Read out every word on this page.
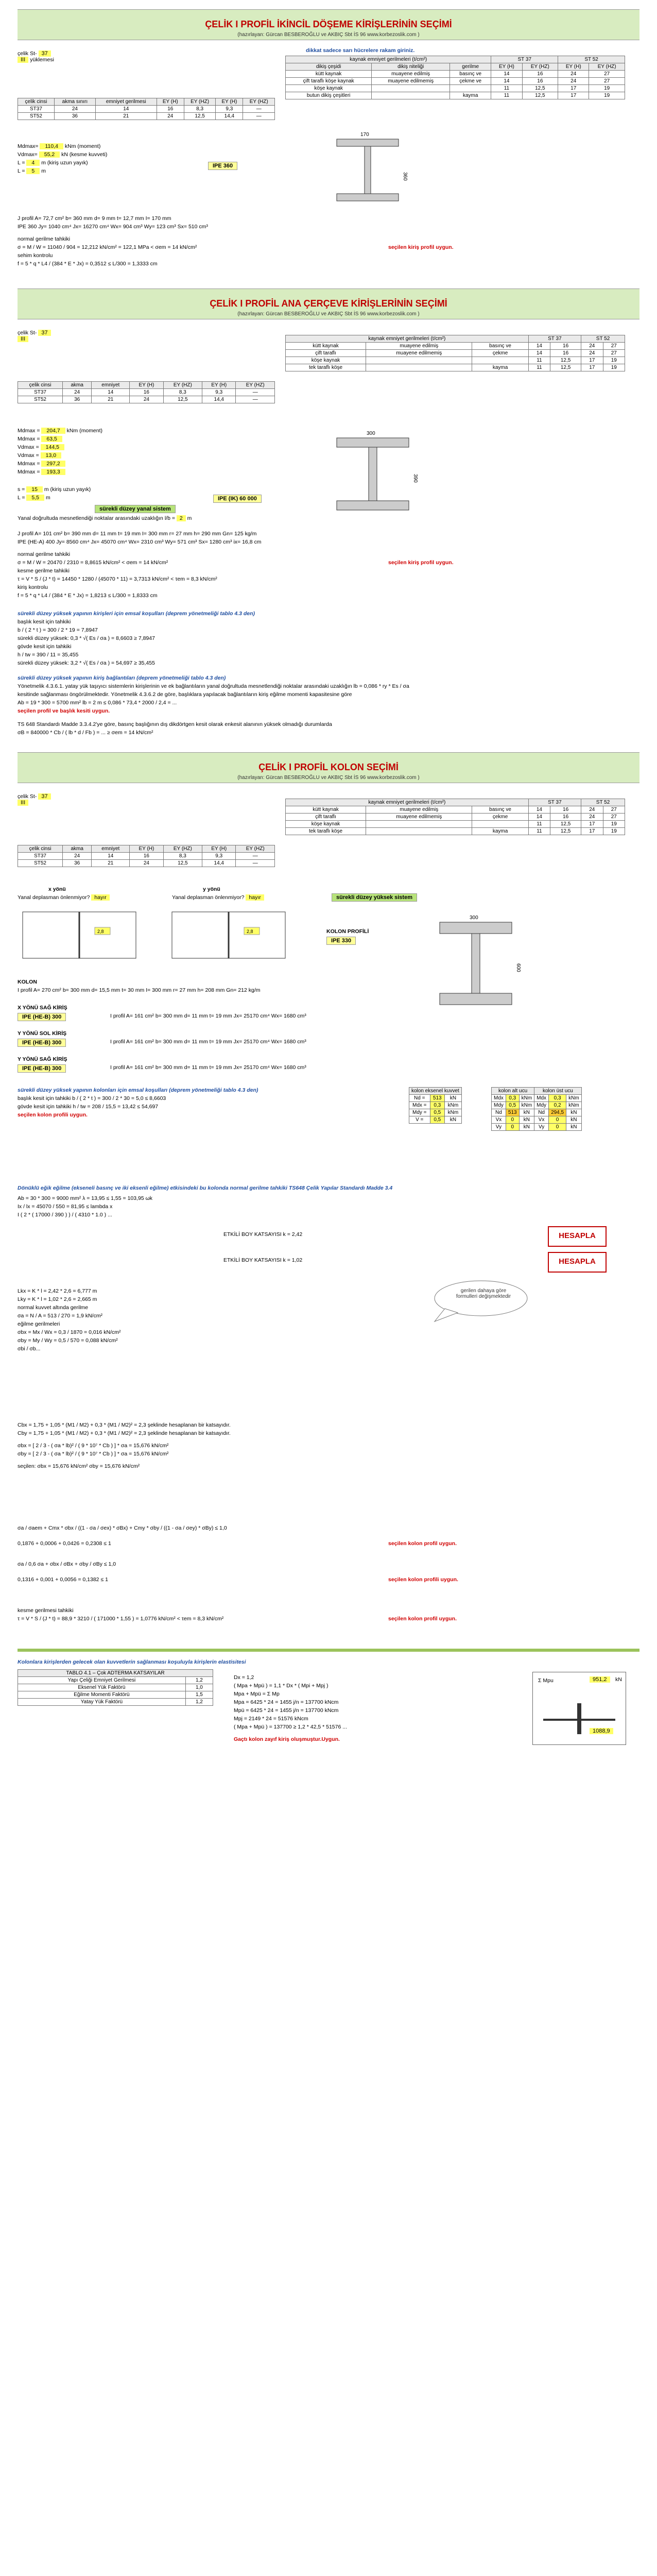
ÇELİK I PROFİL İKİNCİL DÖŞEME KİRİŞLERİNİN SEÇİMİ
(hazırlayan: Gürcan BESBEROĞLU ve AKBIÇ Sbt İS 96 www.korbezoslik.com )
çelik St- 37
III yüklemesi
dikkat sadece sarı hücrelere rakam giriniz.
kaynak emniyet gerilmeleri (t/cm²)			ST 37		ST 52	
dikiş çeşidi	dikiş niteliği	gerilme	EY (H)	EY (HZ)	EY (H)	EY (HZ)
kütt kaynak	muayene edilmiş	basınç ve	14	16	24	27
çift taraflı köşe kaynak	muayene edilmemiş	çekme ve	14	16	24	27
köşe kaynak			11	12,5	17	19
butun dikiş çeşitleri		kayma	11	12,5	17	19
çelik cinsi	akma sınırı	emniyet gerilmesi	EY (H)	EY (HZ)	EY (H)	EY (HZ)
ST37	24	14	16	8,3	9,3	—
ST52	36	21	24	12,5	14,4	—
Mdmax= 110,4 kNm (moment)
Vdmax= 55,2 kN (kesme kuvveti)
L = 4 m (kiriş uzun yayık)
L = 5 m
IPE 360
360
170
J profil A= 72,7 cm² b= 360 mm d= 9 mm t= 12,7 mm I= 170 mm
IPE 360 Jy= 1040 cm⁴ Jx= 16270 cm⁴ Wx= 904 cm³ Wy= 123 cm³ Sx= 510 cm³
normal gerilme tahkiki
σ = M / W = 11040 / 904 = 12,212 kN/cm² = 122,1 MPa < σem = 14 kN/cm²	seçilen kiriş profil uygun.
sehim kontrolu
f = 5 * q * L4 / (384 * E * Jx) = 0,3512 ≤ L/300 = 1,3333 cm
ÇELİK I PROFİL ANA ÇERÇEVE KİRİŞLERİNİN SEÇİMİ
(hazırlayan: Gürcan BESBEROĞLU ve AKBIÇ Sbt İS 96 www.korbezoslik.com )
çelik St- 37
III	kaynak emniyet gerilmeleri (t/cm²)			ST 37		ST 52	
kütt kaynak	muayene edilmiş	basınç ve	14	16	24	27
çift taraflı	muayene edilmemiş	çekme	14	16	24	27
köşe kaynak			11	12,5	17	19
tek taraflı köşe		kayma	11	12,5	17	19
çelik cinsi	akma	emniyet	EY (H)	EY (HZ)	EY (H)	EY (HZ)
ST37	24	14	16	8,3	9,3	—
ST52	36	21	24	12,5	14,4	—
Mdmax = 204,7 kNm (moment)
Mdmax = 63,5
Vdmax = 144,5
Vdmax = 13,0
Mdmax = 297,2
Mdmax = 193,3
s = 15 m (kiriş uzun yayık)
L = 5,5 m
sürekli düzey yanal sistem
Yanal doğrultuda mesnetlendiği noktalar arasındaki uzaklığın l/b = 2 m
IPE (IK) 60 000
390
300
J profil A= 101 cm² b= 390 mm d= 11 mm t= 19 mm I= 300 mm r= 27 mm h= 290 mm Gn= 125 kg/m
IPE (HE-A) 400 Jy= 8560 cm⁴ Jx= 45070 cm⁴ Wx= 2310 cm³ Wy= 571 cm³ Sx= 1280 cm³ ix= 16,8 cm
normal gerilme tahkiki
σ = M / W = 20470 / 2310 = 8,8615 kN/cm² < σem = 14 kN/cm²	seçilen kiriş profil uygun.
kesme gerilme tahkiki
τ = V * S / (J * t) = 14450 * 1280 / (45070 * 11) = 3,7313 kN/cm² < τem = 8,3 kN/cm²
kiriş kontrolu
f = 5 * q * L4 / (384 * E * Jx) = 1,8213 ≤ L/300 = 1,8333 cm
sürekli düzey yüksek yapının kirişleri için emsal koşulları (deprem yönetmeliği tablo 4.3 den)
başlık kesit için tahkiki
b / ( 2 * t ) = 300 / 2 * 19 = 7,8947
sürekli düzey yüksek: 0,3 * √( Es / σa ) = 8,6603 ≥ 7,8947
gövde kesit için tahkiki
h / tw = 390 / 11 = 35,455
sürekli düzey yüksek: 3,2 * √( Es / σa ) = 54,697 ≥ 35,455
sürekli düzey yüksek yapının kiriş bağlantıları (deprem yönetmeliği tablo 4.3 den)
Yönetmelik 4.3.6.1. yatay yük taşıyıcı sistemlerin kirişlerinin ve ek bağlantıların yanal doğrultuda mesnetlendiği noktalar arasındaki uzaklığın lb = 0,086 * ry * Es / σa
kesitinde sağlanması öngörülmektedir. Yönetmelik 4.3.6.2 de göre, başlıklara yapılacak bağlantıların kiriş eğilme momenti kapasitesine göre
Ab = 19 * 300 = 5700 mm² lb = 2 m ≤ 0,086 * 73,4 * 2000 / 2,4 = ...
seçilen profil ve başlık kesiti uygun.
TS 648 Standardı Madde 3.3.4.2'ye göre, basınç başlığının dış dikdörtgen kesit olarak enkesit alanının yüksek olmadığı durumlarda
σB = 840000 * Cb / ( lb * d / Fb ) = ... ≥ σem = 14 kN/cm²
ÇELİK I PROFİL KOLON SEÇİMİ
(hazırlayan: Gürcan BESBEROĞLU ve AKBIÇ Sbt İS 96 www.korbezoslik.com )
çelik St- 37
III	kaynak emniyet gerilmeleri (t/cm²)			ST 37		ST 52	
kütt kaynak	muayene edilmiş	basınç ve	14	16	24	27
çift taraflı	muayene edilmemiş	çekme	14	16	24	27
köşe kaynak			11	12,5	17	19
tek taraflı köşe		kayma	11	12,5	17	19
çelik cinsi	akma	emniyet	EY (H)	EY (HZ)	EY (H)	EY (HZ)
ST37	24	14	16	8,3	9,3	—
ST52	36	21	24	12,5	14,4	—
x yönü	y yönü
Yanal deplasman önlenmiyor? hayır	Yanal deplasman önlenmiyor? hayır	sürekli düzey yüksek sistem
2,8	2,8	KOLON PROFİLİ
IPE 330
600
300
KOLON
I profil A= 270 cm² b= 300 mm d= 15,5 mm t= 30 mm I= 300 mm r= 27 mm h= 208 mm Gn= 212 kg/m
X YÖNÜ SAĞ KİRİŞ
IPE (HE-B) 300	I profil A= 161 cm² b= 300 mm d= 11 mm t= 19 mm Jx= 25170 cm⁴ Wx= 1680 cm³
Y YÖNÜ SOL KİRİŞ
IPE (HE-B) 300	I profil A= 161 cm² b= 300 mm d= 11 mm t= 19 mm Jx= 25170 cm⁴ Wx= 1680 cm³
Y YÖNÜ SAĞ KİRİŞ
IPE (HE-B) 300	I profil A= 161 cm² b= 300 mm d= 11 mm t= 19 mm Jx= 25170 cm⁴ Wx= 1680 cm³
sürekli düzey yüksek yapının kolonları için emsal koşulları (deprem yönetmeliği tablo 4.3 den)
başlık kesit için tahkiki b / ( 2 * t ) = 300 / 2 * 30 = 5,0 ≤ 8,6603
gövde kesit için tahkiki h / tw = 208 / 15,5 = 13,42 ≤ 54,697
seçilen kolon profili uygun.
kolon eksenel kuvvet		
Nd =	513	kN
Mdx =	0,3	kNm
Mdy =	0,5	kNm
V =	0,5	kN
kolon alt ucu			kolon üst ucu		
Mdx	0,3	kNm	Mdx	0,3	kNm
Mdy	0,5	kNm	Mdy	0,2	kNm
Nd	513	kN	Nd	294,5	kN
Vx	0	kN	Vx	0	kN
Vy	0	kN	Vy	0	kN
Dönüklü eğik eğilme (ekseneli basınç ve iki eksenli eğilme) etkisindeki bu kolonda normal gerilme tahkiki TS648 Çelik Yapılar Standardı Madde 3.4
Ab = 30 * 300 = 9000 mm² λ = 13,95 ≤ 1,55 = 103,95 ωk
Ix / lx = 45070 / 550 = 81,95 ≤ lambda x
I ( 2 * ( 17000 / 390 ) ) / ( 4310 * 1.0 ) ...
HESAPLA
HESAPLA
ETKİLİ BOY KATSAYISI k = 2,42
ETKİLİ BOY KATSAYISI k = 1,02
gerilen dahaya göre formulleri değişmektedir
Lkx = K * l = 2,42 * 2,6 = 6,777 m
Lky = K * l = 1,02 * 2,6 = 2,665 m
normal kuvvet altında gerilme
σa = N / A = 513 / 270 = 1,9 kN/cm²
eğilme gerilmeleri
σbx = Mx / Wx = 0,3 / 1870 = 0,016 kN/cm²
σby = My / Wy = 0,5 / 570 = 0,088 kN/cm²
σbi / σb...
Cbx = 1,75 + 1,05 * (M1 / M2) + 0,3 * (M1 / M2)² = 2,3 şeklinde hesaplanan bir katsayıdır.
Cby = 1,75 + 1,05 * (M1 / M2) + 0,3 * (M1 / M2)² = 2,3 şeklinde hesaplanan bir katsayıdır.
σbx = [ 2 / 3 - ( σa * lb)² / ( 9 * 10⁷ * Cb ) ] * σa = 15,676 kN/cm²
σby = [ 2 / 3 - ( σa * lb)² / ( 9 * 10⁷ * Cb ) ] * σa = 15,676 kN/cm²
seçilen: σbx = 15,676 kN/cm² σby = 15,676 kN/cm²
σa / σaem + Cmx * σbx / ((1 - σa / σex) * σBx) + Cmy * σby / ((1 - σa / σey) * σBy) ≤ 1,0
0,1876 + 0,0006 + 0,0426 = 0,2308 ≤ 1	seçilen kolon profil uygun.
σa / 0,6 σa + σbx / σBx + σby / σBy ≤ 1,0
0,1316 + 0,001 + 0,0056 = 0,1382 ≤ 1	seçilen kolon profili uygun.
kesme gerilmesi tahkiki
τ = V * S / (J * t) = 88,9 * 3210 / ( 171000 * 1,55 ) = 1,0776 kN/cm² < τem = 8,3 kN/cm²	seçilen kolon profil uygun.
Kolonlara kirişlerden gelecek olan kuvvetlerin sağlanması koşuluyla kirişlerin elastisitesi
TABLO 4.1 – Çok ADTERMA KATSAYILAR	
Yapı Çeliği Emniyet Gerilmesi	1,2
Eksenel Yük Faktörü	1,0
Eğilme Momenti Faktörü	1,5
Yatay Yük Faktörü	1,2
Dx = 1,2
( Mpa + Mpü ) = 1,1 * Dx * ( Mpi + Mpj )
Mpa + Mpü = Σ Mp
Mpa = 6425 * 24 = 1455 j/n = 137700 kNcm
Mpü = 6425 * 24 = 1455 j/n = 137700 kNcm
Mpj = 2149 * 24 = 51576 kNcm
( Mpa + Mpü ) = 137700 ≥ 1,2 * 42,5 * 51576 ...
Gaçtı kolon zayıf kiriş oluşmuştur.Uygun.
Σ Mpu	951,2	kN
1088,9
